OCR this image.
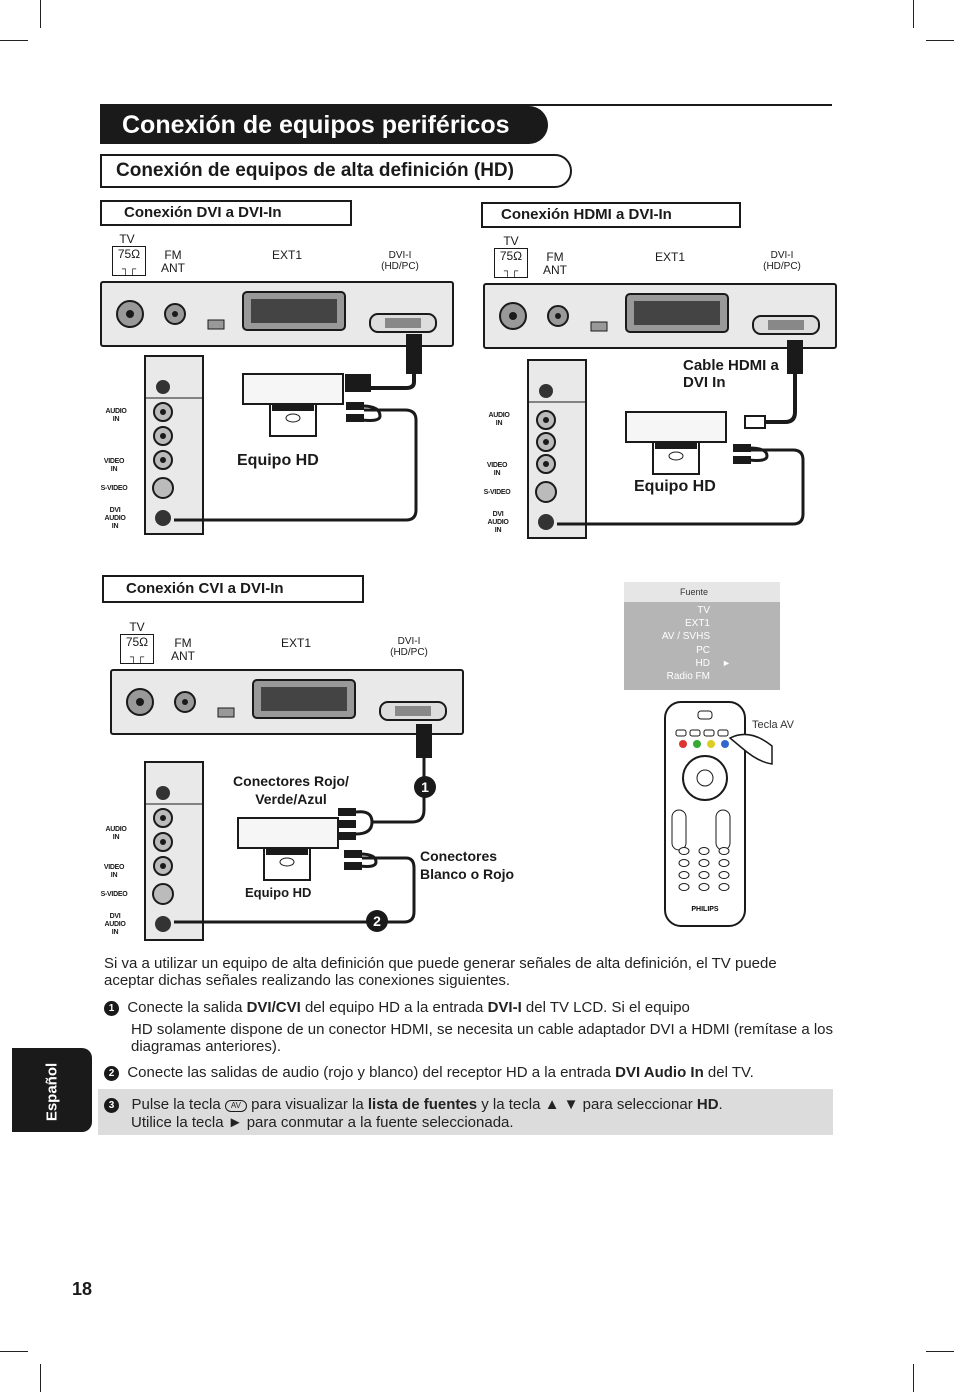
Conexión de equipos periféricos
Conexión de equipos de alta definición (HD)
Conexión DVI a DVI-In
TV
75Ω
┐┌
FM
ANT
EXT1	DVI-I
(HD/PC)
AUDIO IN
VIDEO IN
S-VIDEO
DVI AUDIO IN
Equipo HD
Conexión HDMI a DVI-In
TV
75Ω
┐┌
FM
ANT
EXT1	DVI-I
(HD/PC)
AUDIO IN
VIDEO IN
S-VIDEO
DVI AUDIO IN
Cable HDMI a DVI In
Equipo HD
Conexión CVI a DVI-In
TV
75Ω
┐┌
FM
ANT
EXT1	DVI-I
(HD/PC)
AUDIO IN
VIDEO IN
S-VIDEO
DVI AUDIO IN
Conectores Rojo/ Verde/Azul
Conectores Blanco o Rojo
Equipo HD
1
2
Fuente
TV
EXT1
AV / SVHS
PC
HD ►
Radio FM
PHILIPS
Tecla AV
Si va a utilizar un equipo de alta definición que puede generar señales de alta definición, el TV puede aceptar dichas señales realizando las conexiones siguientes.
1 Conecte la salida DVI/CVI del equipo HD a la entrada DVI-I del TV LCD. Si el equipo
HD solamente dispone de un conector HDMI, se necesita un cable adaptador DVI a HDMI (remítase a los diagramas anteriores).
2 Conecte las salidas de audio (rojo y blanco) del receptor HD a la entrada DVI Audio In del TV.
3 Pulse la tecla AV para visualizar la lista de fuentes y la tecla ▲ ▼ para seleccionar HD.
Utilice la tecla ► para conmutar a la fuente seleccionada.
Español
18
